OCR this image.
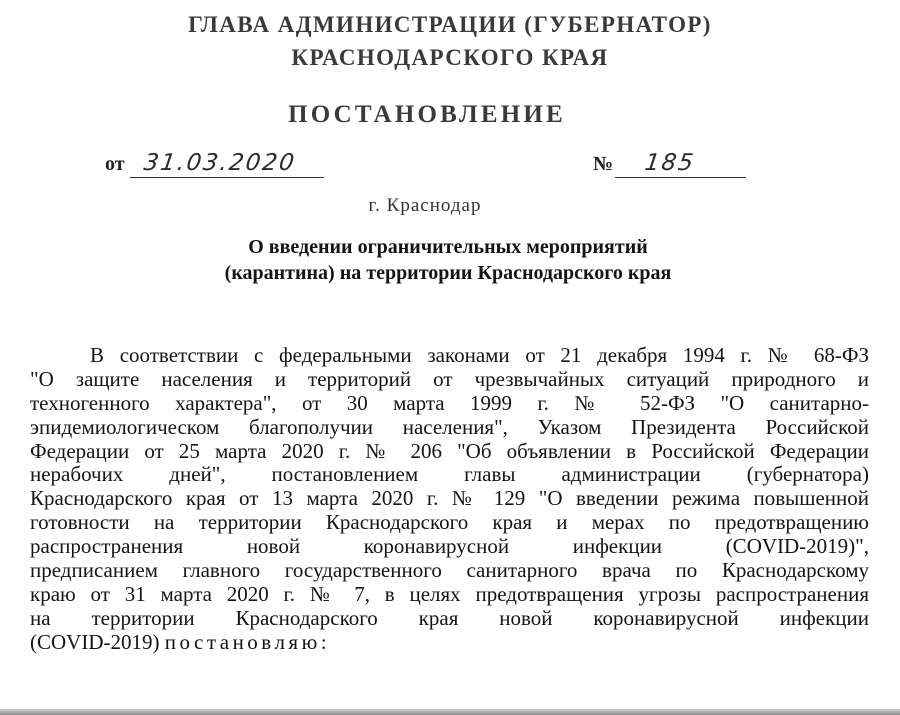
ГЛАВА АДМИНИСТРАЦИИ (ГУБЕРНАТОР)
КРАСНОДАРСКОГО КРАЯ
ПОСТАНОВЛЕНИЕ
от 31.03.2020	№ 185
г. Краснодар
О введении ограничительных мероприятий
(карантина) на территории Краснодарского края
В соответствии с федеральными законами от 21 декабря 1994 г. № 68-ФЗ
"О защите населения и территорий от чрезвычайных ситуаций природного и
техногенного характера", от 30 марта 1999 г. № 52-ФЗ "О санитарно-
эпидемиологическом благополучии населения", Указом Президента Российской
Федерации от 25 марта 2020 г. № 206 "Об объявлении в Российской Федерации
нерабочих дней", постановлением главы администрации (губернатора)
Краснодарского края от 13 марта 2020 г. № 129 "О введении режима повышенной
готовности на территории Краснодарского края и мерах по предотвращению
распространения новой коронавирусной инфекции (COVID-2019)",
предписанием главного государственного санитарного врача по Краснодарскому
краю от 31 марта 2020 г. № 7, в целях предотвращения угрозы распространения
на территории Краснодарского края новой коронавирусной инфекции
(COVID-2019) постановляю:
